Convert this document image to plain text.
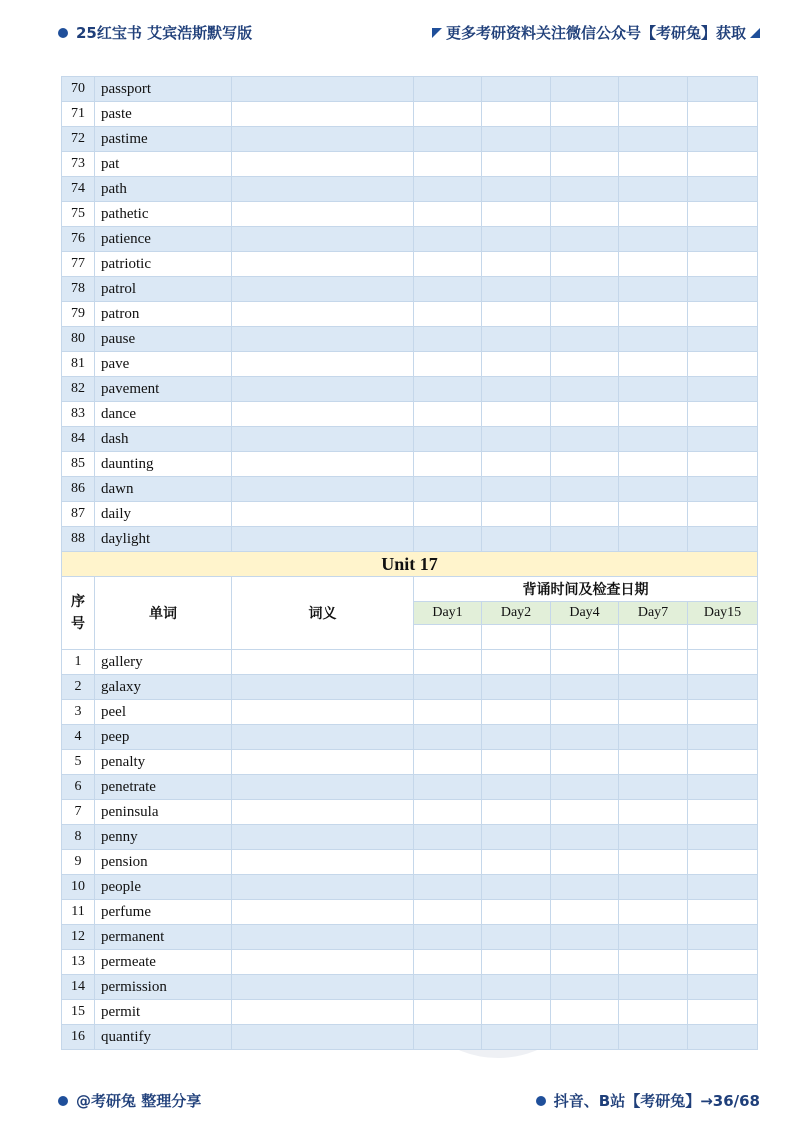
25红宝书 艾宾浩斯默写版	更多考研资料关注微信公众号【考研兔】获取

70	passport						
71	paste						
72	pastime						
73	pat						
74	path						
75	pathetic						
76	patience						
77	patriotic						
78	patrol						
79	patron						
80	pause						
81	pave						
82	pavement						
83	dance						
84	dash						
85	daunting						
86	dawn						
87	daily						
88	daylight						
Unit 17							
序号	单词	词义	背诵时间及检查日期				
			Day1	Day2	Day4	Day7	Day15

1	gallery						
2	galaxy						
3	peel						
4	peep						
5	penalty						
6	penetrate						
7	peninsula						
8	penny						
9	pension						
10	people						
11	perfume						
12	permanent						
13	permeate						
14	permission						
15	permit						
16	quantify						
@考研兔 整理分享	抖音、B站【考研兔】→36/68
